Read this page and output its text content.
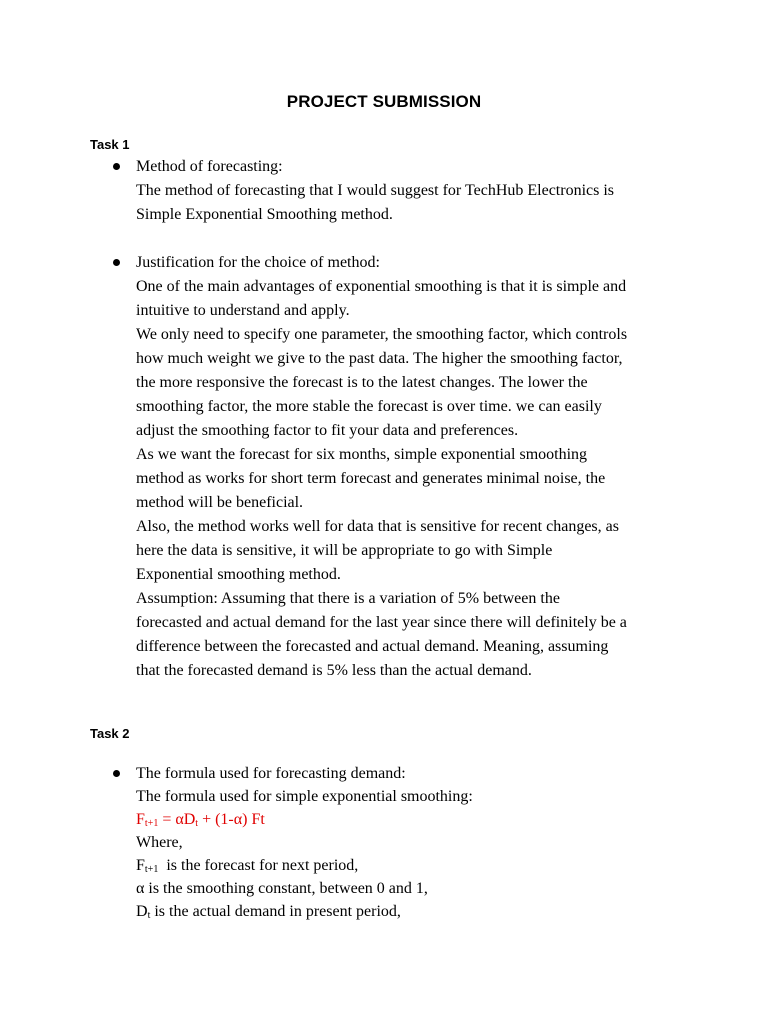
PROJECT SUBMISSION
Task 1
Method of forecasting:
The method of forecasting that I would suggest for TechHub Electronics is
Simple Exponential Smoothing method.
Justification for the choice of method:
One of the main advantages of exponential smoothing is that it is simple and
intuitive to understand and apply.
We only need to specify one parameter, the smoothing factor, which controls
how much weight we give to the past data. The higher the smoothing factor,
the more responsive the forecast is to the latest changes. The lower the
smoothing factor, the more stable the forecast is over time. we can easily
adjust the smoothing factor to fit your data and preferences.
As we want the forecast for six months, simple exponential smoothing
method as works for short term forecast and generates minimal noise, the
method will be beneficial.
Also, the method works well for data that is sensitive for recent changes, as
here the data is sensitive, it will be appropriate to go with Simple
Exponential smoothing method.
Assumption: Assuming that there is a variation of 5% between the
forecasted and actual demand for the last year since there will definitely be a
difference between the forecasted and actual demand. Meaning, assuming
that the forecasted demand is 5% less than the actual demand.
Task 2
The formula used for forecasting demand:
The formula used for simple exponential smoothing:
$F_{t+1} = \alpha D_t + (1-\alpha)$ Ft
Where,
$F_{t+1}$  is the forecast for next period,
α is the smoothing constant, between 0 and 1,
$D_t$ is the actual demand in present period,
